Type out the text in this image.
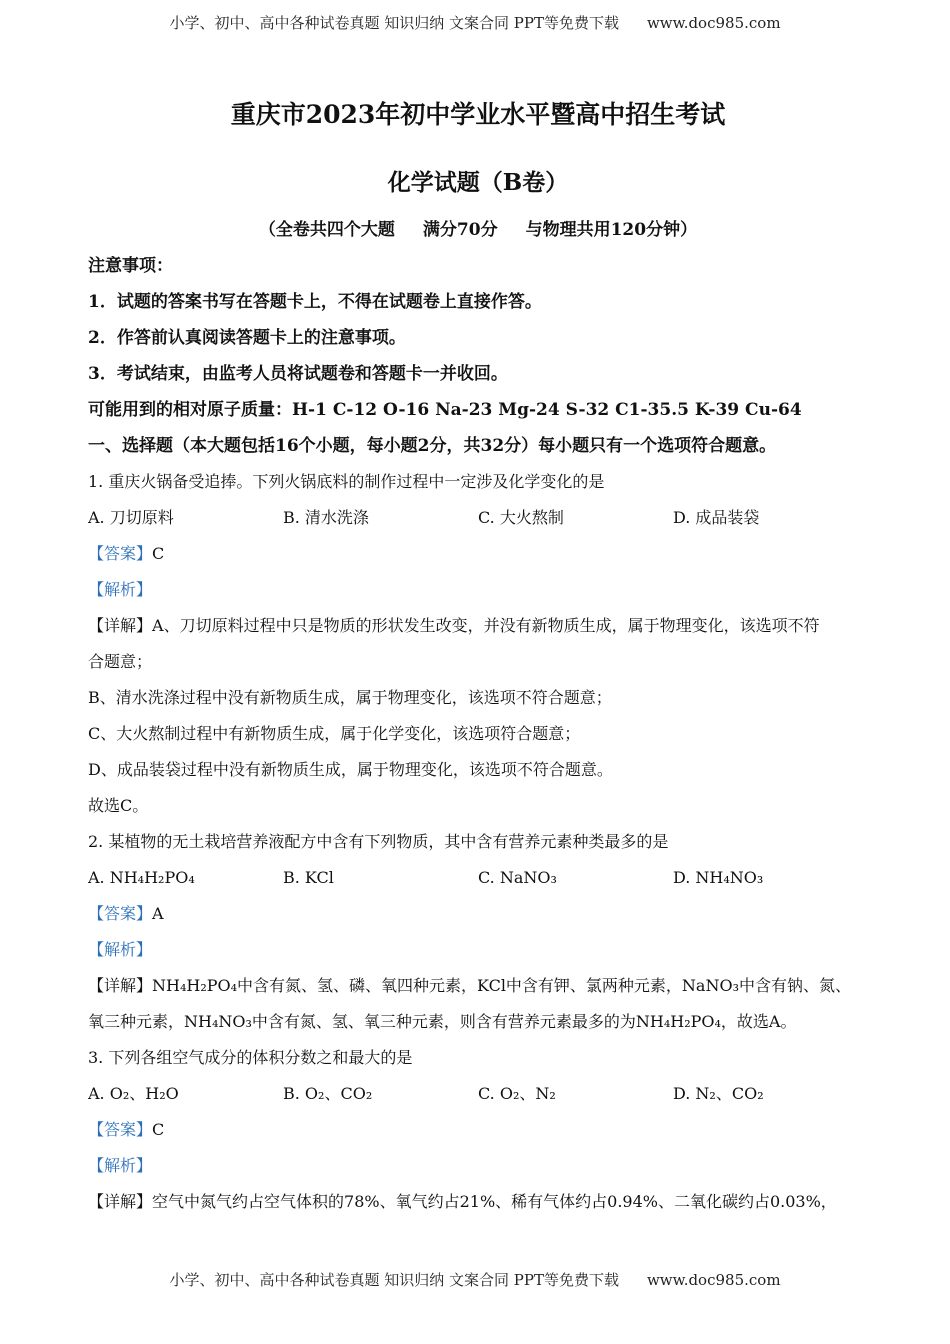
小学、初中、高中各种试卷真题 知识归纳 文案合同 PPT等免费下载 www.doc985.com
重庆市2023年初中学业水平暨高中招生考试
化学试题（B卷）
（全卷共四个大题 满分70分 与物理共用120分钟）
注意事项：
1．试题的答案书写在答题卡上，不得在试题卷上直接作答。
2．作答前认真阅读答题卡上的注意事项。
3．考试结束，由监考人员将试题卷和答题卡一并收回。
可能用到的相对原子质量：H-1 C-12 O-16 Na-23 Mg-24 S-32 C1-35.5 K-39 Cu-64
一、选择题（本大题包括16个小题，每小题2分，共32分）每小题只有一个选项符合题意。
1. 重庆火锅备受追捧。下列火锅底料的制作过程中一定涉及化学变化的是
A. 刀切原料	B. 清水洗涤	C. 大火熬制	D. 成品装袋
【答案】C
【解析】
【详解】A、刀切原料过程中只是物质的形状发生改变，并没有新物质生成，属于物理变化，该选项不符
合题意；
B、清水洗涤过程中没有新物质生成，属于物理变化，该选项不符合题意；
C、大火熬制过程中有新物质生成，属于化学变化，该选项符合题意；
D、成品装袋过程中没有新物质生成，属于物理变化，该选项不符合题意。
故选C。
2. 某植物的无土栽培营养液配方中含有下列物质，其中含有营养元素种类最多的是
A. NH₄H₂PO₄	B. KCl	C. NaNO₃	D. NH₄NO₃
【答案】A
【解析】
【详解】NH₄H₂PO₄中含有氮、氢、磷、氧四种元素，KCl中含有钾、氯两种元素，NaNO₃中含有钠、氮、
氧三种元素，NH₄NO₃中含有氮、氢、氧三种元素，则含有营养元素最多的为NH₄H₂PO₄，故选A。
3. 下列各组空气成分的体积分数之和最大的是
A. O₂、H₂O	B. O₂、CO₂	C. O₂、N₂	D. N₂、CO₂
【答案】C
【解析】
【详解】空气中氮气约占空气体积的78%、氧气约占21%、稀有气体约占0.94%、二氧化碳约占0.03%，
小学、初中、高中各种试卷真题 知识归纳 文案合同 PPT等免费下载 www.doc985.com
